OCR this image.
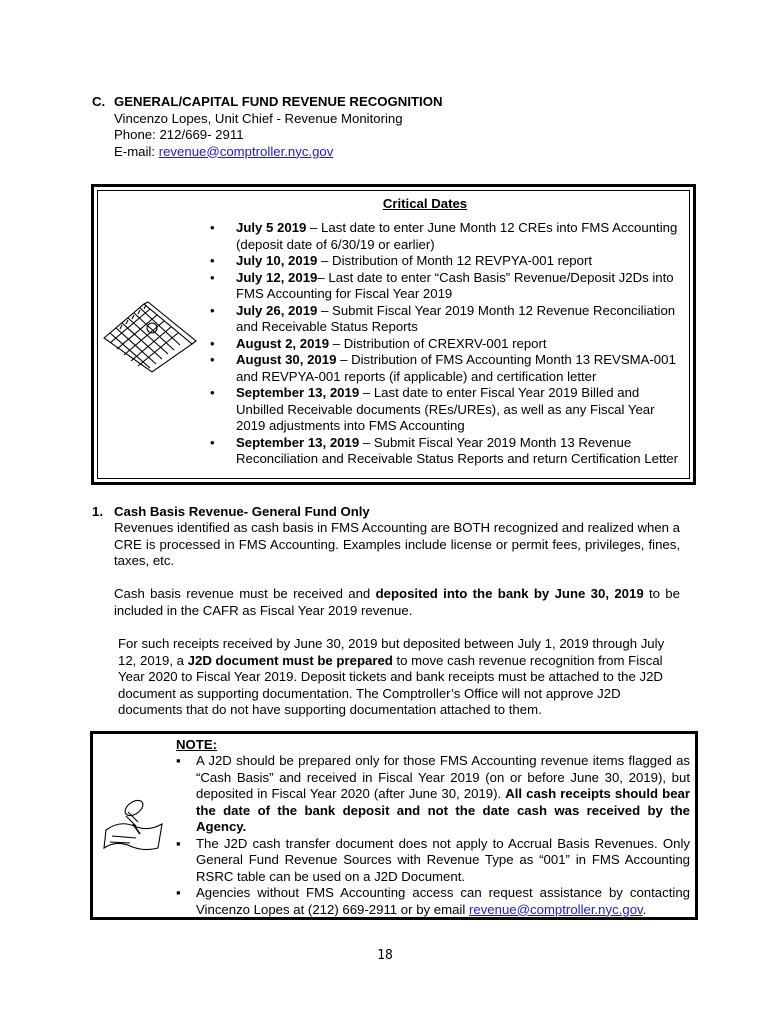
C. GENERAL/CAPITAL FUND REVENUE RECOGNITION
Vincenzo Lopes, Unit Chief - Revenue Monitoring
Phone: 212/669- 2911
E-mail: revenue@comptroller.nyc.gov
Critical Dates
• July 5 2019 – Last date to enter June Month 12 CREs into FMS Accounting (deposit date of 6/30/19 or earlier)
• July 10, 2019 – Distribution of Month 12 REVPYA-001 report
• July 12, 2019– Last date to enter “Cash Basis” Revenue/Deposit J2Ds into FMS Accounting for Fiscal Year 2019
• July 26, 2019 – Submit Fiscal Year 2019 Month 12 Revenue Reconciliation and Receivable Status Reports
• August 2, 2019 – Distribution of CREXRV-001 report
• August 30, 2019 – Distribution of FMS Accounting Month 13 REVSMA-001 and REVPYA-001 reports (if applicable) and certification letter
• September 13, 2019 – Last date to enter Fiscal Year 2019 Billed and Unbilled Receivable documents (REs/UREs), as well as any Fiscal Year 2019 adjustments into FMS Accounting
• September 13, 2019 – Submit Fiscal Year 2019 Month 13 Revenue Reconciliation and Receivable Status Reports and return Certification Letter
1. Cash Basis Revenue- General Fund Only
Revenues identified as cash basis in FMS Accounting are BOTH recognized and realized when a CRE is processed in FMS Accounting. Examples include license or permit fees, privileges, fines, taxes, etc.
Cash basis revenue must be received and deposited into the bank by June 30, 2019 to be included in the CAFR as Fiscal Year 2019 revenue.
For such receipts received by June 30, 2019 but deposited between July 1, 2019 through July 12, 2019, a J2D document must be prepared to move cash revenue recognition from Fiscal Year 2020 to Fiscal Year 2019. Deposit tickets and bank receipts must be attached to the J2D document as supporting documentation. The Comptroller’s Office will not approve J2D documents that do not have supporting documentation attached to them.
NOTE:
▪ A J2D should be prepared only for those FMS Accounting revenue items flagged as “Cash Basis” and received in Fiscal Year 2019 (on or before June 30, 2019), but deposited in Fiscal Year 2020 (after June 30, 2019). All cash receipts should bear the date of the bank deposit and not the date cash was received by the Agency.
▪ The J2D cash transfer document does not apply to Accrual Basis Revenues. Only General Fund Revenue Sources with Revenue Type as “001” in FMS Accounting RSRC table can be used on a J2D Document.
▪ Agencies without FMS Accounting access can request assistance by contacting Vincenzo Lopes at (212) 669-2911 or by email revenue@comptroller.nyc.gov.
18
